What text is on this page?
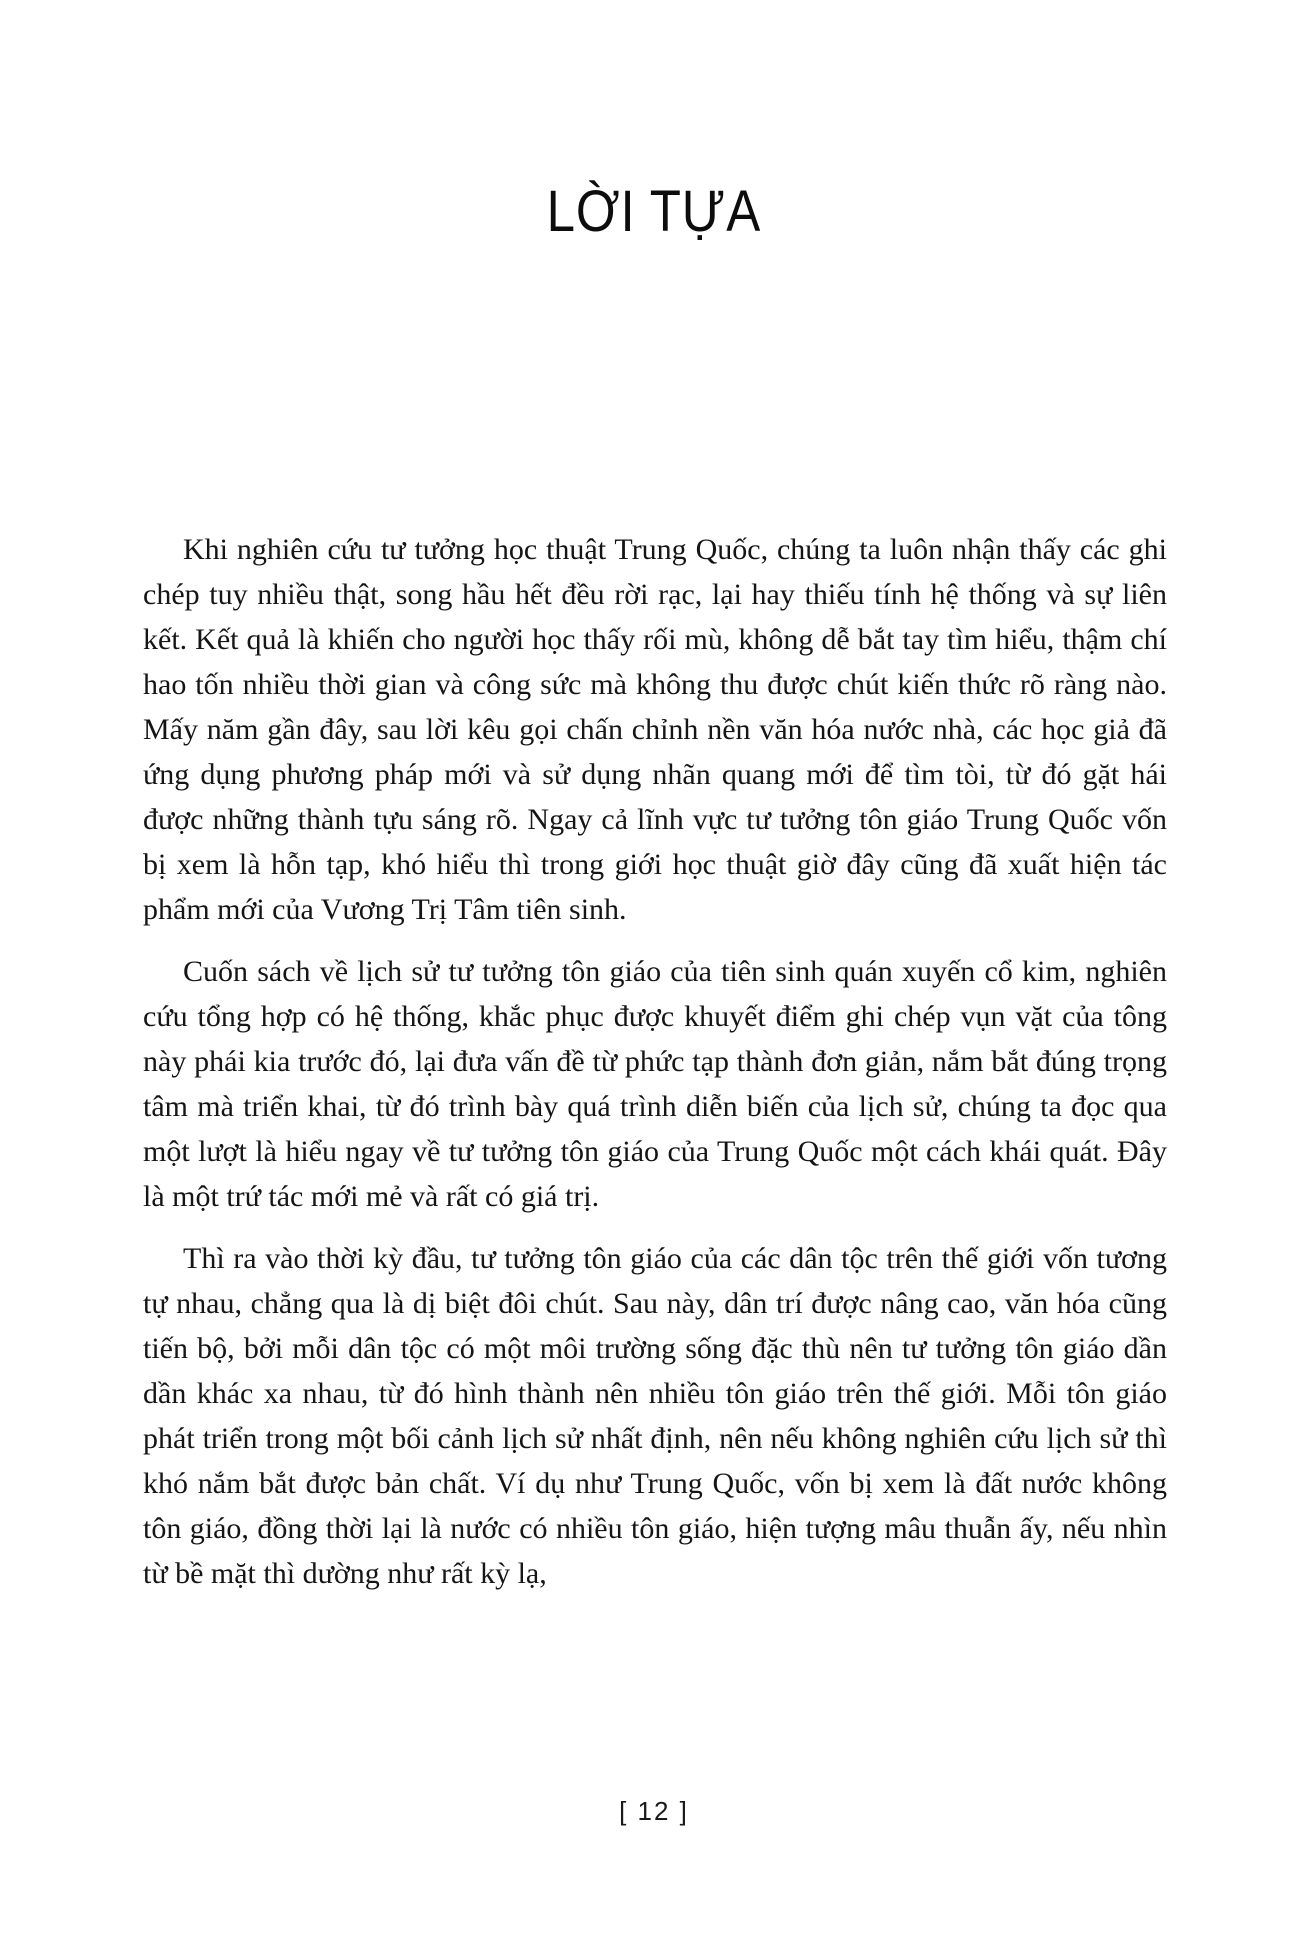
LỜI TỰA

Khi nghiên cứu tư tưởng học thuật Trung Quốc, chúng ta luôn nhận thấy các ghi chép tuy nhiều thật, song hầu hết đều rời rạc, lại hay thiếu tính hệ thống và sự liên kết. Kết quả là khiến cho người học thấy rối mù, không dễ bắt tay tìm hiểu, thậm chí hao tốn nhiều thời gian và công sức mà không thu được chút kiến thức rõ ràng nào. Mấy năm gần đây, sau lời kêu gọi chấn chỉnh nền văn hóa nước nhà, các học giả đã ứng dụng phương pháp mới và sử dụng nhãn quang mới để tìm tòi, từ đó gặt hái được những thành tựu sáng rõ. Ngay cả lĩnh vực tư tưởng tôn giáo Trung Quốc vốn bị xem là hỗn tạp, khó hiểu thì trong giới học thuật giờ đây cũng đã xuất hiện tác phẩm mới của Vương Trị Tâm tiên sinh.

Cuốn sách về lịch sử tư tưởng tôn giáo của tiên sinh quán xuyến cổ kim, nghiên cứu tổng hợp có hệ thống, khắc phục được khuyết điểm ghi chép vụn vặt của tông này phái kia trước đó, lại đưa vấn đề từ phức tạp thành đơn giản, nắm bắt đúng trọng tâm mà triển khai, từ đó trình bày quá trình diễn biến của lịch sử, chúng ta đọc qua một lượt là hiểu ngay về tư tưởng tôn giáo của Trung Quốc một cách khái quát. Đây là một trứ tác mới mẻ và rất có giá trị.

Thì ra vào thời kỳ đầu, tư tưởng tôn giáo của các dân tộc trên thế giới vốn tương tự nhau, chẳng qua là dị biệt đôi chút. Sau này, dân trí được nâng cao, văn hóa cũng tiến bộ, bởi mỗi dân tộc có một môi trường sống đặc thù nên tư tưởng tôn giáo dần dần khác xa nhau, từ đó hình thành nên nhiều tôn giáo trên thế giới. Mỗi tôn giáo phát triển trong một bối cảnh lịch sử nhất định, nên nếu không nghiên cứu lịch sử thì khó nắm bắt được bản chất. Ví dụ như Trung Quốc, vốn bị xem là đất nước không tôn giáo, đồng thời lại là nước có nhiều tôn giáo, hiện tượng mâu thuẫn ấy, nếu nhìn từ bề mặt thì dường như rất kỳ lạ,

[ 12 ]
